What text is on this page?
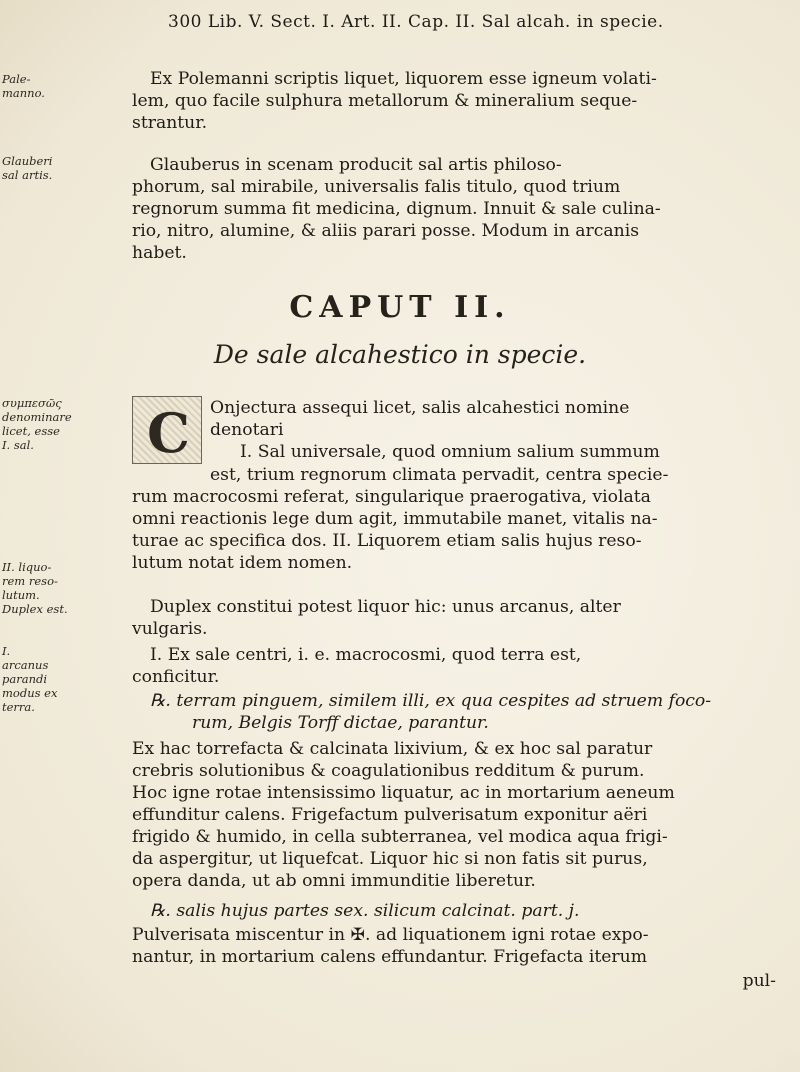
300 Lib. V. Sect. I. Art. II. Cap. II. Sal alcah. in specie.
Pale-
manno.
Glauberi
sal artis.
συμπεσῶς
denominare
licet, esse
I. sal.
II. liquo-
rem reso-
lutum.
Duplex est.
I.
arcanus
parandi
modus ex
terra.

Ex Polemanni scriptis liquet, liquorem esse igneum volati-

lem, quo facile sulphura metallorum & mineralium seque-

strantur.

Glauberus in scenam producit sal artis philoso-

phorum, sal mirabile, universalis falis titulo, quod trium

regnorum summa fit medicina, dignum. Innuit & sale culina-

rio, nitro, alumine, & aliis parari posse. Modum in arcanis

habet.

CAPUT II.
De sale alcahestico in specie.
C Onjectura assequi licet, salis alcahestici nomine
denotari
I. Sal universale, quod omnium salium summum

est, trium regnorum climata pervadit, centra specie-

rum macrocosmi referat, singularique praerogativa, violata

omni reactionis lege dum agit, immutabile manet, vitalis na-

turae ac specifica dos. II. Liquorem etiam salis hujus reso-

lutum notat idem nomen.

Duplex constitui potest liquor hic: unus arcanus, alter

vulgaris.

I. Ex sale centri, i. e. macrocosmi, quod terra est,

conficitur.

℞. terram pinguem, similem illi, ex qua cespites ad struem foco-

rum, Belgis Torff dictae, parantur.

Ex hac torrefacta & calcinata lixivium, & ex hoc sal paratur

crebris solutionibus & coagulationibus redditum & purum.

Hoc igne rotae intensissimo liquatur, ac in mortarium aeneum

effunditur calens. Frigefactum pulverisatum exponitur aëri

frigido & humido, in cella subterranea, vel modica aqua frigi-

da aspergitur, ut liquefcat. Liquor hic si non fatis sit purus,

opera danda, ut ab omni immunditie liberetur.

℞. salis hujus partes sex. silicum calcinat. part. j.

Pulverisata miscentur in ✠. ad liquationem igni rotae expo-

nantur, in mortarium calens effundantur. Frigefacta iterum

pul-
